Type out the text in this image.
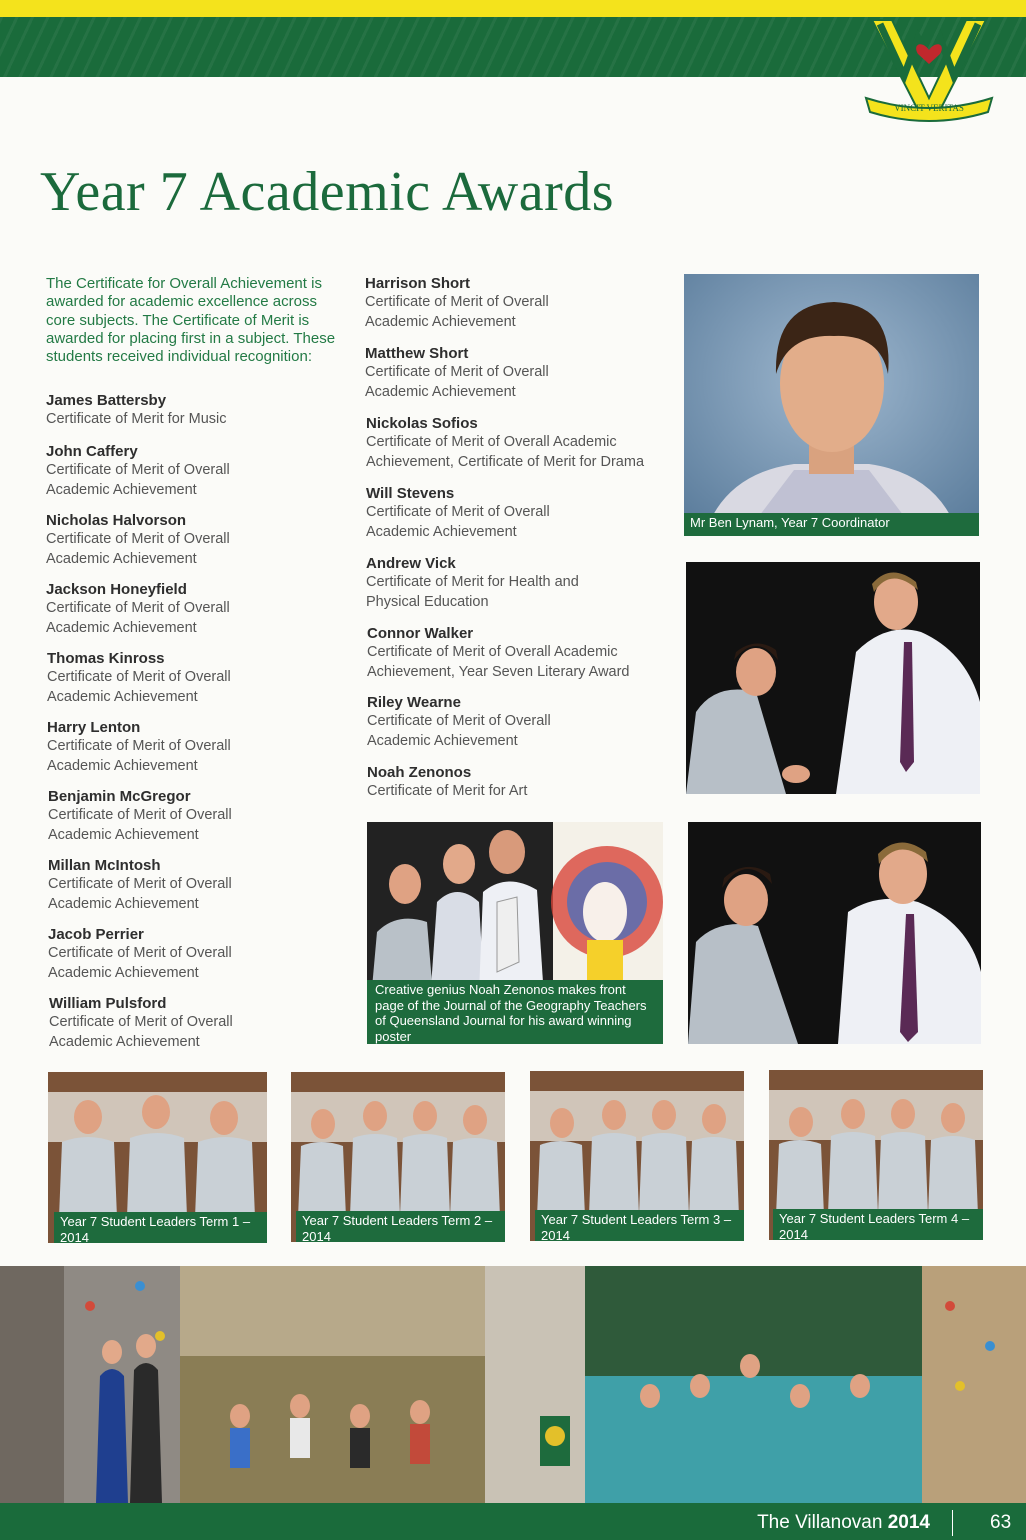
VINCIT VERITAS
Year 7 Academic Awards

The Certificate for Overall Achievement is awarded for academic excellence across core subjects. The Certificate of Merit is awarded for placing first in a subject. These students received individual recognition:

James Battersby
Certificate of Merit for Music
John Caffery
Certificate of Merit of Overall Academic Achievement
Nicholas Halvorson
Certificate of Merit of Overall Academic Achievement
Jackson Honeyfield
Certificate of Merit of Overall Academic Achievement
Thomas Kinross
Certificate of Merit of Overall Academic Achievement
Harry Lenton
Certificate of Merit of Overall Academic Achievement
Benjamin McGregor
Certificate of Merit of Overall Academic Achievement
Millan McIntosh
Certificate of Merit of Overall Academic Achievement
Jacob Perrier
Certificate of Merit of Overall Academic Achievement
William Pulsford
Certificate of Merit of Overall Academic Achievement
Harrison Short
Certificate of Merit of Overall Academic Achievement
Matthew Short
Certificate of Merit of Overall Academic Achievement
Nickolas Sofios
Certificate of Merit of Overall Academic Achievement, Certificate of Merit for Drama
Will Stevens
Certificate of Merit of Overall Academic Achievement
Andrew Vick
Certificate of Merit for Health and Physical Education
Connor Walker
Certificate of Merit of Overall Academic Achievement, Year Seven Literary Award
Riley Wearne
Certificate of Merit of Overall Academic Achievement
Noah Zenonos
Certificate of Merit for Art
Mr Ben Lynam, Year 7 Coordinator
Creative genius Noah Zenonos makes front page of the Journal of the Geography Teachers of Queensland Journal for his award winning poster
Year 7 Student Leaders Term 1 – 2014
Year 7 Student Leaders Term 2 – 2014
Year 7 Student Leaders Term 3 – 2014
Year 7 Student Leaders Term 4 – 2014
The Villanovan 2014	63
